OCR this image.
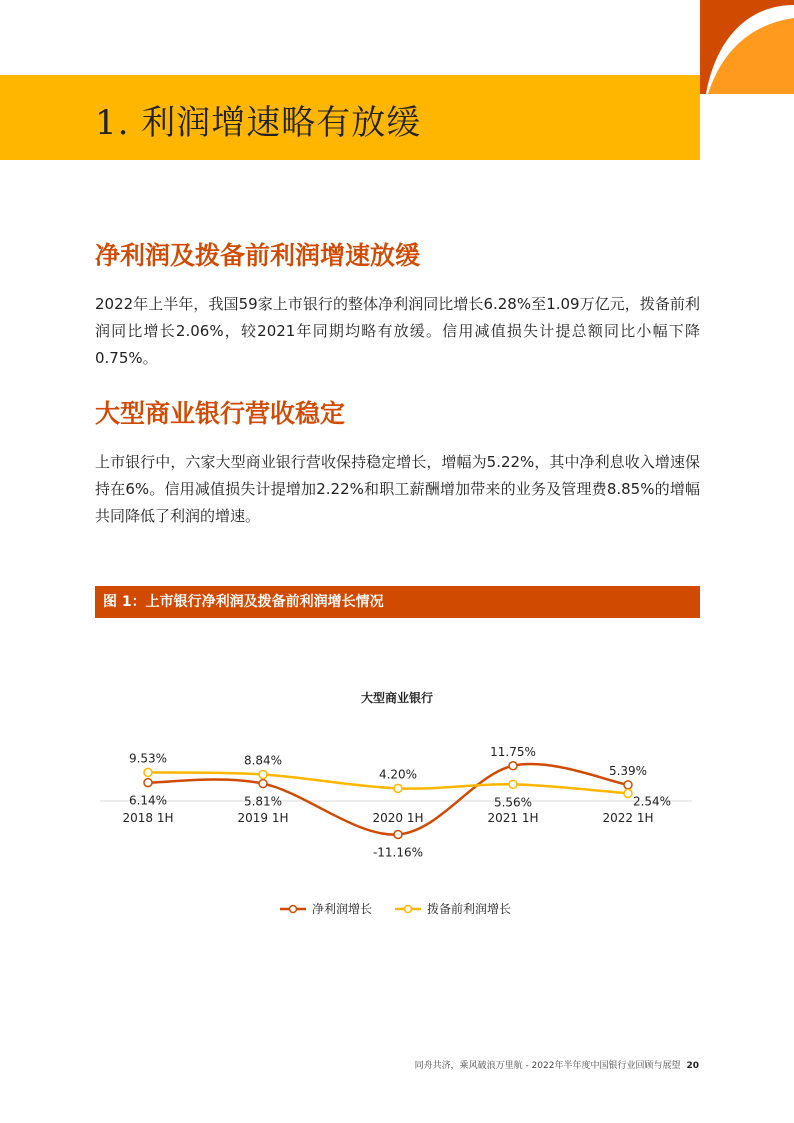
1. 利润增速略有放缓
净利润及拨备前利润增速放缓

2022年上半年，我国59家上市银行的整体净利润同比增长6.28%至1.09万亿元，拨备前利润同比增长2.06%，较2021年同期均略有放缓。信用减值损失计提总额同比小幅下降0.75%。

大型商业银行营收稳定

上市银行中，六家大型商业银行营收保持稳定增长，增幅为5.22%，其中净利息收入增速保持在6%。信用减值损失计提增加2.22%和职工薪酬增加带来的业务及管理费8.85%的增幅共同降低了利润的增速。

图 1：上市银行净利润及拨备前利润增长情况
大型商业银行
2018 1H	2019 1H	2020 1H	2021 1H	2022 1H
6.14%	5.81%
-11.16%
11.75%
5.39%
9.53%	8.84%
4.20%
5.56%	2.54%
净利润增长	拨备前利润增长
同舟共济，乘风破浪万里航 - 2022年半年度中国银行业回顾与展望 20
